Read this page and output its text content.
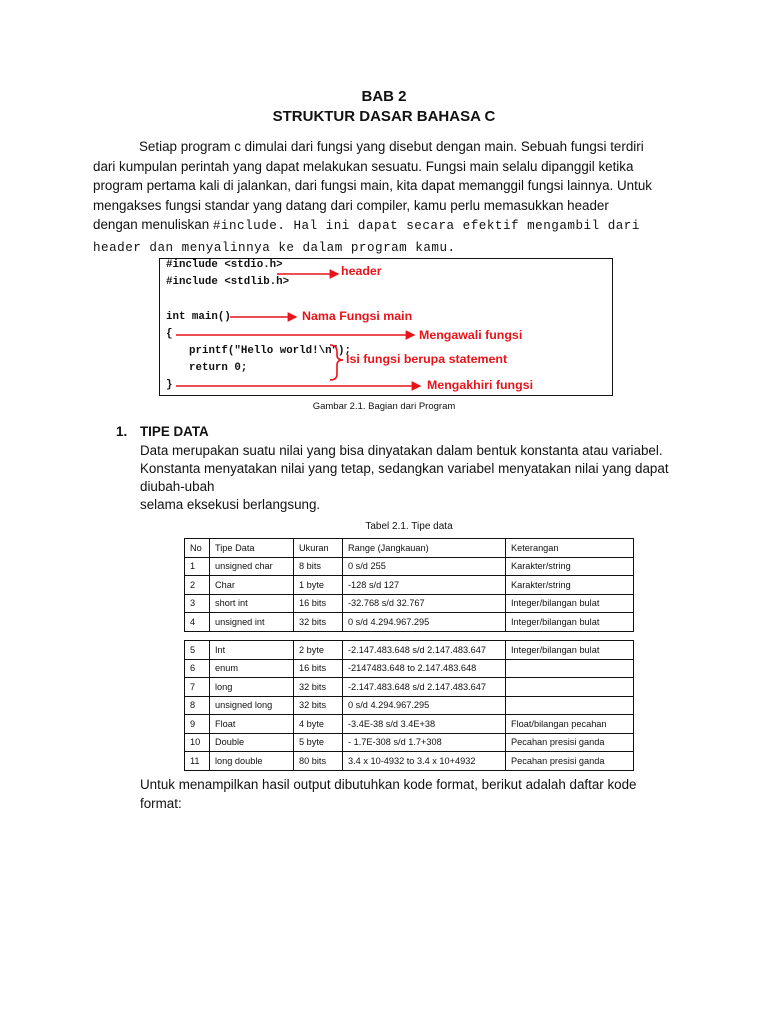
BAB 2
STRUKTUR DASAR BAHASA C
Setiap program c dimulai dari fungsi yang disebut dengan main. Sebuah fungsi terdiri dari kumpulan perintah yang dapat melakukan sesuatu. Fungsi main selalu dipanggil ketika program pertama kali di jalankan, dari fungsi main, kita dapat memanggil fungsi lainnya. Untuk mengakses fungsi standar yang datang dari compiler, kamu perlu memasukkan header dengan menuliskan #include. Hal ini dapat secara efektif mengambil dari header dan menyalinnya ke dalam program kamu.
#include <stdio.h>
#include <stdlib.h>
int main()
{
printf("Hello world!\n");
return 0;
}
header
Nama Fungsi main
Mengawali fungsi
Isi fungsi berupa statement
Mengakhiri fungsi
Gambar 2.1. Bagian dari Program
1. TIPE DATA
Data merupakan suatu nilai yang bisa dinyatakan dalam bentuk konstanta atau variabel.
Konstanta menyatakan nilai yang tetap, sedangkan variabel menyatakan nilai yang dapat
diubah-ubah
selama eksekusi berlangsung.
Tabel 2.1. Tipe data
No	Tipe Data	Ukuran	Range (Jangkauan)	Keterangan
1	unsigned char	8 bits	0 s/d 255	Karakter/string
2	Char	1 byte	-128 s/d 127	Karakter/string
3	short int	16 bits	-32.768 s/d 32.767	Integer/bilangan bulat
4	unsigned int	32 bits	0 s/d 4.294.967.295	Integer/bilangan bulat
5	Int	2 byte	-2.147.483.648 s/d 2.147.483.647	Integer/bilangan bulat
6	enum	16 bits	-2147483.648 to 2.147.483.648	
7	long	32 bits	-2.147.483.648 s/d 2.147.483.647	
8	unsigned long	32 bits	0 s/d 4.294.967.295	
9	Float	4 byte	-3.4E-38 s/d 3.4E+38	Float/bilangan pecahan
10	Double	5 byte	- 1.7E-308 s/d 1.7+308	Pecahan presisi ganda
11	long double	80 bits	3.4 x 10-4932 to 3.4 x 10+4932	Pecahan presisi ganda
Untuk menampilkan hasil output dibutuhkan kode format, berikut adalah daftar kode format:
